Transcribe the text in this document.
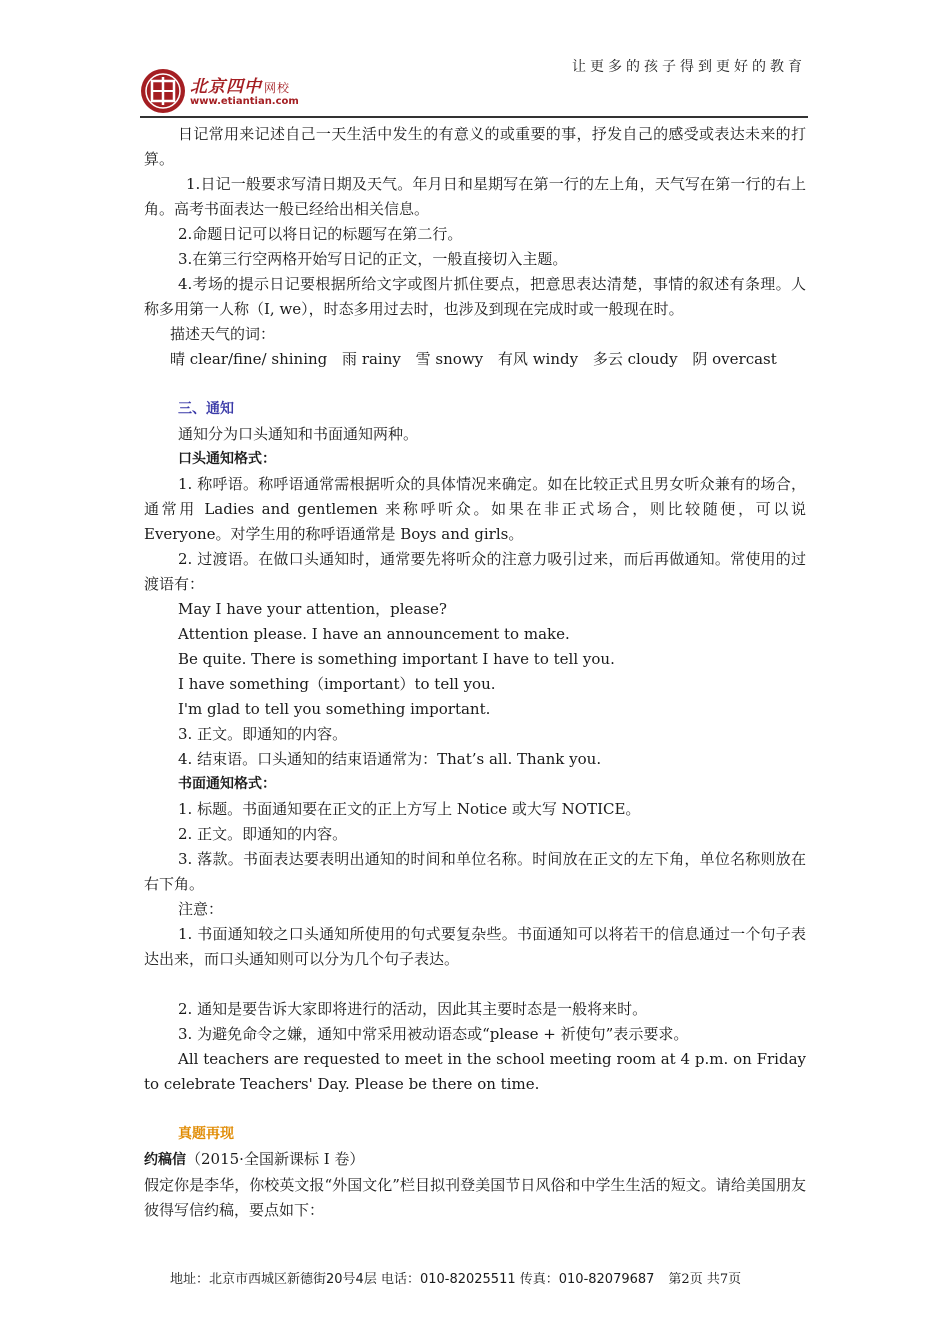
让更多的孩子得到更好的教育
北京四中 网校
www.etiantian.com

日记常用来记述自己一天生活中发生的有意义的或重要的事，抒发自己的感受或表达未来的打算。

1.日记一般要求写清日期及天气。年月日和星期写在第一行的左上角，天气写在第一行的右上角。高考书面表达一般已经给出相关信息。

2.命题日记可以将日记的标题写在第二行。

3.在第三行空两格开始写日记的正文，一般直接切入主题。

4.考场的提示日记要根据所给文字或图片抓住要点，把意思表达清楚，事情的叙述有条理。人称多用第一人称（I, we），时态多用过去时，也涉及到现在完成时或一般现在时。

描述天气的词：

晴 clear/fine/ shining 雨 rainy 雪 snowy 有风 windy 多云 cloudy 阴 overcast

三、通知

通知分为口头通知和书面通知两种。

口头通知格式：

1. 称呼语。称呼语通常需根据听众的具体情况来确定。如在比较正式且男女听众兼有的场合，通常用 Ladies and gentlemen 来称呼听众。如果在非正式场合，则比较随便，可以说 Everyone。对学生用的称呼语通常是 Boys and girls。

2. 过渡语。在做口头通知时，通常要先将听众的注意力吸引过来，而后再做通知。常使用的过渡语有：

May I have your attention，please?

Attention please. I have an announcement to make.

Be quite. There is something important I have to tell you.

I have something（important）to tell you.

I'm glad to tell you something important.

3. 正文。即通知的内容。

4. 结束语。口头通知的结束语通常为：That’s all. Thank you.

书面通知格式：

1. 标题。书面通知要在正文的正上方写上 Notice 或大写 NOTICE。

2. 正文。即通知的内容。

3. 落款。书面表达要表明出通知的时间和单位名称。时间放在正文的左下角，单位名称则放在右下角。

注意：

1. 书面通知较之口头通知所使用的句式要复杂些。书面通知可以将若干的信息通过一个句子表达出来，而口头通知则可以分为几个句子表达。

2. 通知是要告诉大家即将进行的活动，因此其主要时态是一般将来时。

3. 为避免命令之嫌，通知中常采用被动语态或“please + 祈使句”表示要求。

All teachers are requested to meet in the school meeting room at 4 p.m. on Friday to celebrate Teachers' Day. Please be there on time.

真题再现

约稿信（2015·全国新课标 Ⅰ 卷）

假定你是李华，你校英文报“外国文化”栏目拟刊登美国节日风俗和中学生生活的短文。请给美国朋友彼得写信约稿，要点如下：

地址：北京市西城区新德街20号4层 电话：010-82025511 传真：010-82079687 第2页 共7页
